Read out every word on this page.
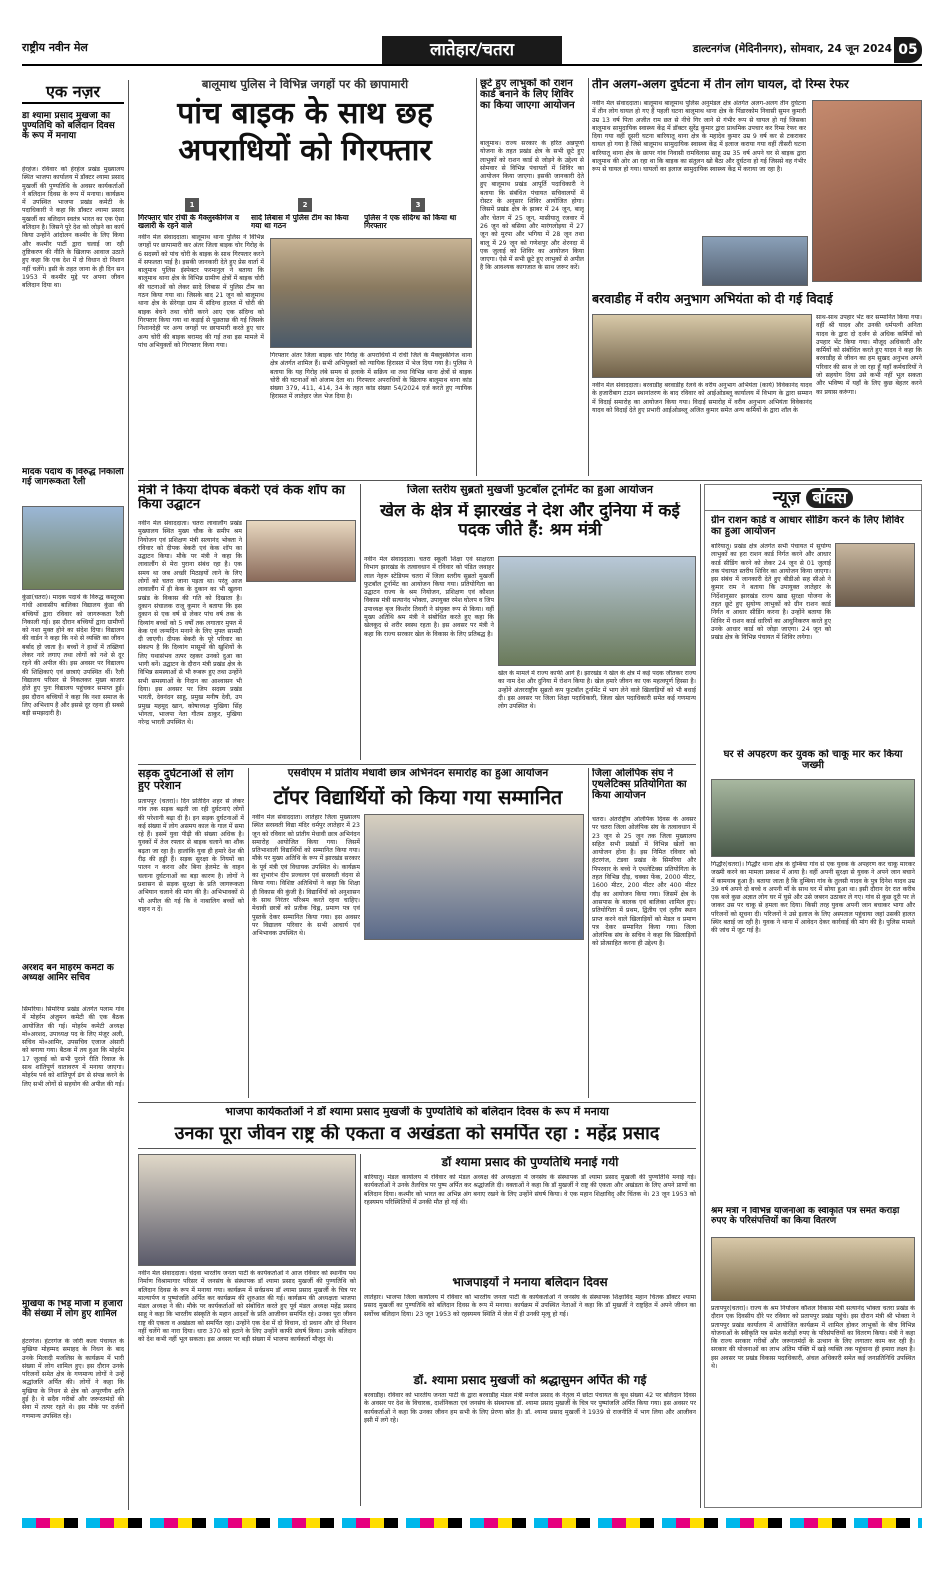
राष्ट्रीय नवीन मेल	लातेहार/चतरा	डाल्टनगंज (मेदिनीनगर), सोमवार, 24 जून 2024 05
एक नज़र
डॉ श्यामा प्रसाद मुखर्जी की पुण्यतिथि को बलिदान दिवस के रूप में मनाया
हेरहंज। रविवार को हेरहंज प्रखंड मुख्यालय स्थित भाजपा कार्यालय में डॉक्टर श्यामा प्रसाद मुखर्जी की पुण्यतिथि के अवसर कार्यकर्ताओं ने बलिदान दिवस के रूप में मनाया। कार्यक्रम में उपस्थित भाजपा प्रखंड कमेटी के पदाधिकारी ने कहा कि डॉक्टर श्यामा प्रसाद मुखर्जी का बलिदान स्वतंत्र भारत का एक ऐसा बलिदान है। जिसने पूरे देश को जोड़ने का कार्य किया उन्होंने आंदोलन कश्मीर के लिए किया और कश्मीर पार्टी द्वारा चलाई जा रही तुष्टिकरण की नीति के खिलाफ आवाज उठाते हुए कहा कि एक देश में दो विधान दो निशान नहीं चलेंगे। इसी के तहत जाना के ही दिन सन 1953 में कश्मीर मुद्दे पर अपना जीवन बलिदान दिया था।
मादक पदार्थ के विरुद्ध निकाली गई जागरूकता रैली
कुंडा(चतरा)। मादक पदार्थ के विरुद्ध कस्तूरबा गांधी आवासीय बालिका विद्यालय कुंडा की बच्चियों द्वारा रविवार को जागरूकता रैली निकाली गई। इस दौरान बच्चियों द्वारा ग्रामीणों को नशा मुक्त होने का संदेश दिया। विद्यालय की वार्डन ने कहा कि नशे से व्यक्ति का जीवन बर्बाद हो जाता है। बच्चों ने हाथों में तख्तियां लेकर नारे लगाए तथा लोगों को नशे से दूर रहने की अपील की। इस अवसर पर विद्यालय की शिक्षिकाएं एवं छात्राएं उपस्थित थीं। रैली विद्यालय परिसर से निकलकर मुख्य बाजार होते हुए पुनः विद्यालय पहुंचकर समाप्त हुई। इस दौरान बच्चियों ने कहा कि नशा समाज के लिए अभिशाप है और इससे दूर रहना ही सबसे बड़ी समझदारी है।
अरशद बने मोहर्रम कमेटी के अध्यक्ष आमिर सचिव
सिमरिया। सिमरिया प्रखंड अंतर्गत पलाम गांव में मोहर्रम अंजुमन कमेटी की एक बैठक आयोजित की गई। मोहर्रम कमेटी अध्यक्ष मो०अरशद, उपाध्यक्ष पद के लिए मंजूर अली, सचिव मो०आमिर, उपसचिव एजाज अंसारी को बनाया गया। बैठक में तय हुआ कि मोहर्रम 17 जुलाई को सभी पुराने रीति रिवाज के साथ शांतिपूर्ण वातावरण में मनाया जाएगा। मोहर्रम पर्व को शांतिपूर्ण ढंग से संपन्न करने के लिए सभी लोगों से सहयोग की अपील की गई।
मुखिया के भिड़े मौजी में हजारों की संख्या में लोग हुए शामिल
हंटरगंज। हंटरगंज के जोरी कला पंचायत के मुखिया मोहम्मद समाहद के निधन के बाद उनके मिलादी मजलिस के कार्यक्रम में भारी संख्या में लोग शामिल हुए। इस दौरान उनके परिजनों समेत क्षेत्र के गणमान्य लोगों ने उन्हें श्रद्धांजलि अर्पित की। लोगों ने कहा कि मुखिया के निधन से क्षेत्र को अपूरणीय क्षति हुई है। वे सदैव गरीबों और जरूरतमंदों की सेवा में तत्पर रहते थे। इस मौके पर दर्जनों गणमान्य उपस्थित रहे।
बालूमाथ पुलिस ने विभिन्न जगहों पर की छापामारी
पांच बाइक के साथ छह अपराधियों को गिरफ्तार
1
गिरफ्तार चोर रांची के मैक्लुस्कीगंज व खलारी के रहने वाले
2
सादे लिबास में पुलिस टीम का किया गया था गठन
3
पुलिस ने एक संदिग्ध को किया था गिरफ्तार
नवीन मेल संवाददाता। बालूमाथ थाना पुलिस ने विभिन्न जगहों पर छापामारी कर अंतर जिला बाइक चोर गिरोह के 6 सदस्यों को पांच चोरी के बाइक के साथ गिरफ्तार करने में सफलता पाई है। इसकी जानकारी देते हुए प्रेस वार्ता में बालूमाथ पुलिस इंस्पेक्टर फरमानुल ने बताया कि बालूमाथ थाना क्षेत्र के विभिन्न ग्रामीण क्षेत्रों में बाइक चोरी की घटनाओं को लेकर सादे लिबास में पुलिस टीम का गठन किया गया था। जिसके बाद 21 जून को बालूमाथ थाना क्षेत्र के सेरेगड़ा ग्राम में संदिग्ध हालत में चोरी की बाइक बेचने तथा चोरी करने आए एक संदिग्ध को गिरफ्तार किया गया था कड़ाई से पूछताछ की गई जिसके निशानदेही पर अन्य जगहों पर छापामारी करते हुए चार अन्य चोरी की बाइक बरामद की गई तथा इस मामले में पांच अभियुक्तों को गिरफ्तार किया गया।
गिरफ्तार अंतर जिला बाइक चोर गिरोह के अपराधियों में रांची जिले के मैक्लुस्कीगंज थाना क्षेत्र अंतर्गत शामिल हैं। सभी अभियुक्तों को न्यायिक हिरासत में भेज दिया गया है। पुलिस ने बताया कि यह गिरोह लंबे समय से इलाके में सक्रिय था तथा विभिन्न थाना क्षेत्रों से बाइक चोरी की घटनाओं को अंजाम देता था। गिरफ्तार अपराधियों के खिलाफ बालूमाथ थाना कांड संख्या 379, 411, 414, 34 के तहत कांड संख्या 54/2024 दर्ज करते हुए न्यायिक हिरासत में लातेहार जेल भेज दिया है।
छूटे हुए लाभुकों को राशन कार्ड बनाने के लिए शिविर का किया जाएगा आयोजन
बालूमाथ। राज्य सरकार के हरित अन्नपूर्णा योजना के तहत प्रखंड क्षेत्र के सभी छूटे हुए लाभुकों को राशन कार्ड से जोड़ने के उद्देश्य से सोमवार से विभिन्न पंचायतों में शिविर का आयोजन किया जाएगा। इसकी जानकारी देते हुए बालूमाथ प्रखंड आपूर्ति पदाधिकारी ने बताया कि संबंधित पंचायत सचिवालयों में रोस्टर के अनुसार शिविर आयोजित होगा। जिसमें प्रखंड क्षेत्र के झाबर में 24 जून, बालू और चेताग में 25 जून, मासीयातू रजवार में 26 जून को बसिया और मारंगलोइया में 27 जून को मुरपा और भगिया में 28 जून तथा बालू में 29 जून को गणेशपुर और शेरनदा में एक जुलाई को शिविर का आयोजन किया जाएगा। ऐसे में सभी छूटे हुए लाभुकों से अपील है कि आवश्यक कागजात के साथ जरूर करें।
तीन अलग-अलग दुर्घटना में तीन लोग घायल, दो रिम्स रेफर
नवीन मेल संवाददाता। बालूमाथ बालूमाथ पुलिस अनुमंडल क्षेत्र अंतर्गत अलग-अलग तीन दुर्घटना में तीन लोग घायल हो गए हैं पहली घटना बालूमाथ थाना क्षेत्र के पिंडारकोम निवासी सुमन कुमारी उम्र 13 वर्ष पिता अजीत राम छत से नीचे गिर जाने से गंभीर रूप से घायल हो गई जिसका बालूमाथ सामुदायिक स्वास्थ्य केंद्र में डॉक्टर सुरेंद्र कुमार द्वारा प्राथमिक उपचार कर रिम्स रेफर कर दिया गया वहीं दूसरी घटना बारियातू थाना क्षेत्र के महादेव कुमार उम्र 9 वर्ष कर से टकराकर घायल हो गया है जिसे बालूमाथ सामुदायिक स्वास्थ्य केंद्र में इलाज कराया गया वहीं तीसरी घटना बारियातू थाना क्षेत्र के छापर गांव निवासी रामविलास साहू उम्र 35 वर्ष अपने घर से बाइक द्वारा बालूमाथ की ओर आ रहा था कि बाइक का संतुलन खो बैठा और दुर्घटना हो गई जिससे वह गंभीर रूप से घायल हो गया। घायलों का इलाज सामुदायिक स्वास्थ्य केंद्र में कराया जा रहा है।
बरवाडीह में वरीय अनुभाग अभियंता को दी गई विदाई
नवीन मेल संवाददाता। बरवाडीह बरवाडीह रेलवे के वरीय अनुभाग अभियंता (कार्य) विवेकानंद यादव के हजारीबाग टाउन स्थानांतरण के बाद रविवार को आईओडब्लू कार्यालय में विभाग के द्वारा सम्मान में विदाई समारोह का आयोजन किया गया। विदाई समारोह में वरीय अनुभाग अभियंता विवेकानंद यादव को विदाई देते हुए प्रभारी आईओडब्लू अजित कुमार समेत अन्य कर्मियों के द्वारा शॉल के
साथ-साथ उपहार भेंट कर सम्मानित किया गया। वहीं श्री यादव और उनकी धर्मपत्नी अनिता यादव के द्वारा दो दर्जन से अधिक कर्मियों को उपहार भेंट किया गया। मौजूद अधिकारी और कर्मियों को संबोधित करते हुए यादव ने कहा कि बरवाडीह से जीवन का हम सुखद अनुभव अपने परिवार की साथ ले जा रहा हूँ यहाँ कर्मचारियों ने जो सहयोग दिया उसे कभी नहीं भूल सकता और भविष्य में यहाँ के लिए कुछ बेहतर करने का प्रयास करूंगा।
मंत्री ने किया दीपक बेकरी एवं केक शॉप का किया उद्घाटन
नवीन मेल संवाददाता। चतरा लावालौंग प्रखंड मुख्यालय स्थित मुख्य चौक के समीप श्रम नियोजन एवं प्रशिक्षण मंत्री सत्यानंद भोक्ता ने रविवार को दीपक बेकरी एवं केक शॉप का उद्घाटन किया। मौके पर मंत्री ने कहा कि लावालौंग से मेरा पुराना संबंध रहा है। एक समय था जब अच्छी मिठाइयों लाने के लिए लोगों को चतरा जाना पड़ता था। परंतु आज लावालौंग में ही केक के दुकान का भी खुलना प्रखंड के विकास की गति को दिखाता है। दुकान संचालक राजू कुमार ने बताया कि इस दुकान से एक वर्ष से लेकर पांच वर्ष तक के दिव्यांग बच्चों को 5 वर्षों तक लगातार मुफ्त में केक एवं जन्मदिन मनाने के लिए मुफ्त सामग्री दी जाएगी। दीपक बेकरी के पूरे परिवार का संकल्प है कि दिव्यांग मासूमों की खुशियों के लिए यथासंभव तत्पर रहकर उनको दुआ का भागी बनें। उद्घाटन के दौरान मंत्री प्रखंड क्षेत्र के विभिन्न समस्याओं से भी रूबरू हुए तथा उन्होंने सभी समस्याओं के निदान का आश्वासन भी दिया। इस अवसर पर जिप सदस्य प्रखंड भारती, देवनंदन साहू, प्रमुख मनीष देवी, उप प्रमुख महमूद खान, कोषाध्यक्ष मुखिया सिंह भोगता, भाजपा नेता गौतम ठाकुर, मुखिया नरेन्द्र भारती उपस्थित थे।
जिला स्तरीय सुब्रतो मुखर्जी फुटबॉल टूर्नामेंट का हुआ आयोजन
खेल के क्षेत्र में झारखंड ने देश और दुनिया में कई पदक जीते हैं: श्रम मंत्री
नवीन मेल संवाददाता। चतरा स्कूली शिक्षा एवं साक्षरता विभाग झारखंड के तत्वावधान में रविवार को पंडित जवाहर लाल नेहरू स्टेडियम चतरा में जिला स्तरीय सुब्रतो मुखर्जी फुटबॉल टूर्नामेंट का आयोजन किया गया। प्रतियोगिता का उद्घाटन राज्य के श्रम नियोजन, प्रशिक्षण एवं कौशल विकास मंत्री सत्यानंद भोक्ता, उपायुक्त रमेश घोलप व जिप उपाध्यक्ष बृज किशोर तिवारी ने संयुक्त रूप से किया। वहीं मुख्य अतिथि श्रम मंत्री ने संबोधित करते हुए कहा कि खेलकूद से शरीर स्वस्थ रहता है। इस अवसर पर मंत्री ने कहा कि राज्य सरकार खेल के विकास के लिए प्रतिबद्ध है।
खेल के मामले में राज्य काफी आगे है। झारखंड ने खेल के क्षेत्र में कई पदक जीतकर राज्य का नाम देश और दुनिया में रोशन किया है। खेल हमारे जीवन का एक महत्वपूर्ण हिस्सा है। उन्होंने अंतरराष्ट्रीय सुब्रतो कप फुटबॉल टूर्नामेंट में भाग लेने वाले खिलाड़ियों को भी बधाई दी। इस अवसर पर जिला शिक्षा पदाधिकारी, जिला खेल पदाधिकारी समेत कई गणमान्य लोग उपस्थित थे।
न्यूज़ बॉक्स
ग्रीन राशन कार्ड व आधार सीडिंग करने के लिए शिविर का हुआ आयोजन
बारियातू। प्रखंड क्षेत्र अंतर्गत सभी पंचायत में सुयोग्य लाभुकों का हरा राशन कार्ड निर्गत करने और आधार कार्ड सीडिंग करने को लेकर 24 जून से 01 जुलाई तक पंचायत स्तरीय शिविर का आयोजन किया जाएगा। इस संबंध में जानकारी देते हुए बीडीओ सह सीओ ने कुमार राम ने बताया कि उपायुक्त लातेहार के निर्देशानुसार झारखंड राज्य खाद्य सुरक्षा योजना के तहत छूटे हुए सुयोग्य लाभुकों को ग्रीन राशन कार्ड निर्गत व आधार सीडिंग करना है। उन्होंने बताया कि शिविर में राशन कार्ड धारियों का आधुनिकरण करते हुए उनके आधार कार्ड को जोड़ा जाएगा। 24 जून को प्रखंड क्षेत्र के विभिन्न पंचायत में शिविर लगेगा।
घर से अपहरण कर युवक को चाकू मार कर किया जख्मी
गिद्धौर(चतरा)। गिद्धौर थाना क्षेत्र के दुम्बिया गांव से एक युवक के अपहरण कर चाकू मारकर जख्मी करने का मामला प्रकाश में आया है। वहीं अपनी सुरक्षा से युवक ने अपने जान बचाने में कामयाब हुआ है। बताया जाता है कि दुम्बिया गांव के तुलसी यादव के पुत्र दिनेश यादव उम्र 39 वर्ष अपने दो बच्चे व अपनी माँ के साथ घर में सोया हुआ था। इसी दौरान देर रात करीब एक बजे कुछ अज्ञात लोग घर में घुसे और उसे जबरन उठाकर ले गए। गांव से कुछ दूरी पर ले जाकर उस पर चाकू से हमला कर दिया। किसी तरह युवक अपनी जान बचाकर भागा और परिजनों को सूचना दी। परिजनों ने उसे इलाज के लिए अस्पताल पहुंचाया जहां उसकी हालत स्थिर बताई जा रही है। युवक ने थाना में आवेदन देकर कार्रवाई की मांग की है। पुलिस मामले की जांच में जुट गई है।
श्रम मंत्री ने विभिन्न योजनाओं के स्वीकृति पत्र समेत करोड़ों रुपए के परिसंपत्तियों का किया वितरण
प्रतापपुर(चतरा)। राज्य के श्रम नियोजन कौशल विकास मंत्री सत्यानंद भोक्ता चतरा प्रखंड के दौरान एक दिवसीय दौरे पर रविवार को प्रतापपुर प्रखंड पहुंचे। इस दौरान मंत्री श्री भोक्ता ने प्रतापपुर प्रखंड कार्यालय में आयोजित कार्यक्रम में शामिल होकर लाभुकों के बीच विभिन्न योजनाओं के स्वीकृति पत्र समेत करोड़ों रुपए के परिसंपत्तियों का वितरण किया। मंत्री ने कहा कि राज्य सरकार गरीबों और जरूरतमंदों के उत्थान के लिए लगातार काम कर रही है। सरकार की योजनाओं का लाभ अंतिम पंक्ति में खड़े व्यक्ति तक पहुंचाना ही हमारा लक्ष्य है। इस अवसर पर प्रखंड विकास पदाधिकारी, अंचल अधिकारी समेत कई जनप्रतिनिधि उपस्थित थे।
सड़क दुर्घटनाओं से लोग हुए परेशान
प्रतापपुर (चतरा)। दिन प्रतिदिन शहर से लेकर गांव तक सड़क बढ़ती जा रही दुर्घटनाएं लोगों की परेशानी बढ़ा दी है। इन सड़क दुर्घटनाओं में कई संख्या में लोग असमय काल के गाल में समा रहे हैं। इसमें युवा पीढ़ी की संख्या अधिक है। युवकों में तेज रफ्तार से बाइक चलाने का शौक बढ़ता जा रहा है। हालांकि युवा ही हमारे देश की रीढ़ की हड्डी हैं। सड़क सुरक्षा के नियमों का पालन न करना और बिना हेलमेट के वाहन चलाना दुर्घटनाओं का बड़ा कारण है। लोगों ने प्रशासन से सड़क सुरक्षा के प्रति जागरूकता अभियान चलाने की मांग की है। अभिभावकों से भी अपील की गई कि वे नाबालिग बच्चों को वाहन न दें।
एसवीएम में प्रांतीय मेधावी छात्र अभिनंदन समारोह का हुआ आयोजन
टॉपर विद्यार्थियों को किया गया सम्मानित
नवीन मेल संवाददाता। लातेहार जिला मुख्यालय स्थित सरस्वती विद्या मंदिर धर्मपुर लातेहार में 23 जून को रविवार को प्रांतीय मेधावी छात्र अभिनंदन समारोह आयोजित किया गया। जिसमें प्रतिभाशाली विद्यार्थियों को सम्मानित किया गया। मौके पर मुख्य अतिथि के रूप में झारखंड सरकार के पूर्व मंत्री एवं विधायक उपस्थित थे। कार्यक्रम का शुभारंभ दीप प्रज्वलन एवं सरस्वती वंदना से किया गया। विशिष्ट अतिथियों ने कहा कि शिक्षा ही विकास की कुंजी है। विद्यार्थियों को अनुशासन के साथ निरंतर परिश्रम करते रहना चाहिए। मेधावी छात्रों को प्रतीक चिह्न, प्रमाण पत्र एवं पुस्तकें देकर सम्मानित किया गया। इस अवसर पर विद्यालय परिवार के सभी आचार्य एवं अभिभावक उपस्थित थे।
जिला ओलंपिक संघ ने एथलेटिक्स प्रतियोगिता का किया आयोजन
चतरा। अंतर्राष्ट्रीय ओलंपिक दिवस के अवसर पर चतरा जिला ओलंपिक संघ के तत्वावधान में 23 जून से 25 जून तक जिला मुख्यालय सहित सभी प्रखंडों में विभिन्न खेलों का आयोजन होना है। इस निमित रविवार को हंटरगंज, टंडवा प्रखंड के सिमरिया और पिपरवार के बच्चे ने एथलेटिक्स प्रतियोगिता के तहत विभिन्न दौड़, चक्का फेंक, 2000 मीटर, 1600 मीटर, 200 मीटर और 400 मीटर दौड़ का आयोजन किया गया। जिसमें क्षेत्र के आसपास के बालक एवं बालिका शामिल हुए। प्रतियोगिता में प्रथम, द्वितीय एवं तृतीय स्थान प्राप्त करने वाले खिलाड़ियों को मेडल व प्रमाण पत्र देकर सम्मानित किया गया। जिला ओलंपिक संघ के सचिव ने कहा कि खिलाड़ियों को प्रोत्साहित करना ही उद्देश्य है।
भाजपा कार्यकर्ताओं ने डॉ श्यामा प्रसाद मुखर्जी के पुण्यतिथि को बलिदान दिवस के रूप में मनाया
उनका पूरा जीवन राष्ट्र की एकता व अखंडता को समर्पित रहा : महेंद्र प्रसाद
नवीन मेल संवाददाता। चंदवा भारतीय जनता पार्टी के कार्यकर्ताओं ने आज रविवार को स्थानीय पथ निर्माण विश्रामागार परिसर में जनसंघ के संस्थापक डॉ श्यामा प्रसाद मुखर्जी की पुण्यतिथि को बलिदान दिवस के रूप में मनाया गया। कार्यक्रम में सर्वप्रथम डॉ श्यामा प्रसाद मुखर्जी के चित्र पर माल्यार्पण व पुष्पांजलि अर्पित कर कार्यक्रम की शुरुआत की गई। कार्यक्रम की अध्यक्षता भाजपा मंडल अध्यक्ष ने की। मौके पर कार्यकर्ताओं को संबोधित करते हुए पूर्व मंडल अध्यक्ष महेंद्र प्रसाद साहू ने कहा कि भारतीय संस्कृति के महान आदर्शों के प्रति आजीवन समर्पित रहे। उनका पूरा जीवन राष्ट्र की एकता व अखंडता को समर्पित रहा। उन्होंने एक देश में दो विधान, दो प्रधान और दो निशान नहीं चलेंगे का नारा दिया। धारा 370 को हटाने के लिए उन्होंने काफी संघर्ष किया। उनके बलिदान को देश कभी नहीं भूल सकता। इस अवसर पर बड़ी संख्या में भाजपा कार्यकर्ता मौजूद थे।
डॉ श्यामा प्रसाद की पुण्यतिथि मनाई गयी
बारियातू। मंडल कार्यालय में रविवार को मंडल अध्यक्ष की अध्यक्षता में जनसंघ के संस्थापक डॉ श्यामा प्रसाद मुखर्जी की पुण्यतिथि मनाई गई। कार्यकर्ताओं ने उनके तैलचित्र पर पुष्प अर्पित कर श्रद्धांजलि दी। वक्ताओं ने कहा कि डॉ मुखर्जी ने राष्ट्र की एकता और अखंडता के लिए अपने प्राणों का बलिदान दिया। कश्मीर को भारत का अभिन्न अंग बनाए रखने के लिए उन्होंने संघर्ष किया। वे एक महान शिक्षाविद् और चिंतक थे। 23 जून 1953 को रहस्यमय परिस्थितियों में उनकी मौत हो गई थी।
भाजपाइयों ने मनाया बलिदान दिवस
लातेहार। भाजपा जिला कार्यालय में रविवार को भारतीय जनता पार्टी के कार्यकर्ताओं ने जनसंघ के संस्थापक शिक्षाविद महान चिंतक डॉक्टर श्यामा प्रसाद मुखर्जी का पुण्यतिथि को बलिदान दिवस के रूप में मनाया। कार्यक्रम में उपस्थित नेताओं ने कहा कि डॉ मुखर्जी ने राष्ट्रहित में अपने जीवन का सर्वोच्च बलिदान दिया। 23 जून 1953 को रहस्यमय स्थिति में जेल में ही उनकी मृत्यु हो गई।
डॉ. श्यामा प्रसाद मुखर्जी को श्रद्धासुमन अर्पित की गई
बरवाडीह। रविवार को भारतीय जनता पार्टी के द्वारा बरवाडीह मंडल मंत्री मनोज प्रसाद के नेतृत्व में छोटा पंचायत के बूथ संख्या 42 पर बलिदान दिवस के अवसर पर देश के विचारक, दार्शनिकता एवं जनसंघ के संस्थापक डॉ. श्यामा प्रसाद मुखर्जी के चित्र पर पुष्पांजलि अर्पित किया गया। इस अवसर पर कार्यकर्ताओं ने कहा कि उनका जीवन हम सभी के लिए प्रेरणा स्रोत है। डॉ. श्यामा प्रसाद मुखर्जी ने 1939 से राजनीति में भाग लिया और आजीवन इसी में लगे रहे।
